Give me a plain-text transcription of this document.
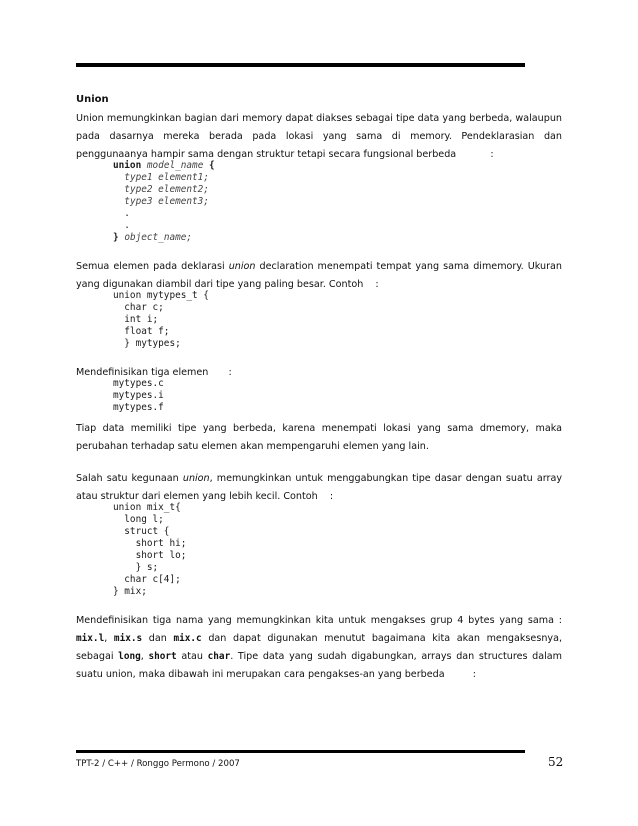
Union

Union memungkinkan bagian dari memory dapat diakses sebagai tipe data yang berbeda, walaupun pada dasarnya mereka berada pada lokasi yang sama di memory. Pendeklarasian dan penggunaanya hampir sama dengan struktur tetapi secara fungsional berbeda	:

union model_name {
type1 element1;
type2 element2;
type3 element3;
.
.
} object_name;

Semua elemen pada deklarasi union declaration menempati tempat yang sama dimemory. Ukuran yang digunakan diambil dari tipe yang paling besar. Contoh :

union mytypes_t {
char c;
int i;
float f;
} mytypes;

Mendefinisikan tiga elemen :

mytypes.c
mytypes.i
mytypes.f

Tiap data memiliki tipe yang berbeda, karena menempati lokasi yang sama dmemory, maka perubahan terhadap satu elemen akan mempengaruhi elemen yang lain.

Salah satu kegunaan union, memungkinkan untuk menggabungkan tipe dasar dengan suatu array atau struktur dari elemen yang lebih kecil. Contoh :

union mix_t{
long l;
struct {
short hi;
short lo;
} s;
char c[4];
} mix;

Mendefinisikan tiga nama yang memungkinkan kita untuk mengakses grup 4 bytes yang sama : mix.l, mix.s dan mix.c dan dapat digunakan menutut bagaimana kita akan mengaksesnya, sebagai long, short atau char. Tipe data yang sudah digabungkan, arrays dan structures dalam suatu union, maka dibawah ini merupakan cara pengakses-an yang berbeda	:

TPT-2 / C++ / Ronggo Permono / 2007	52
